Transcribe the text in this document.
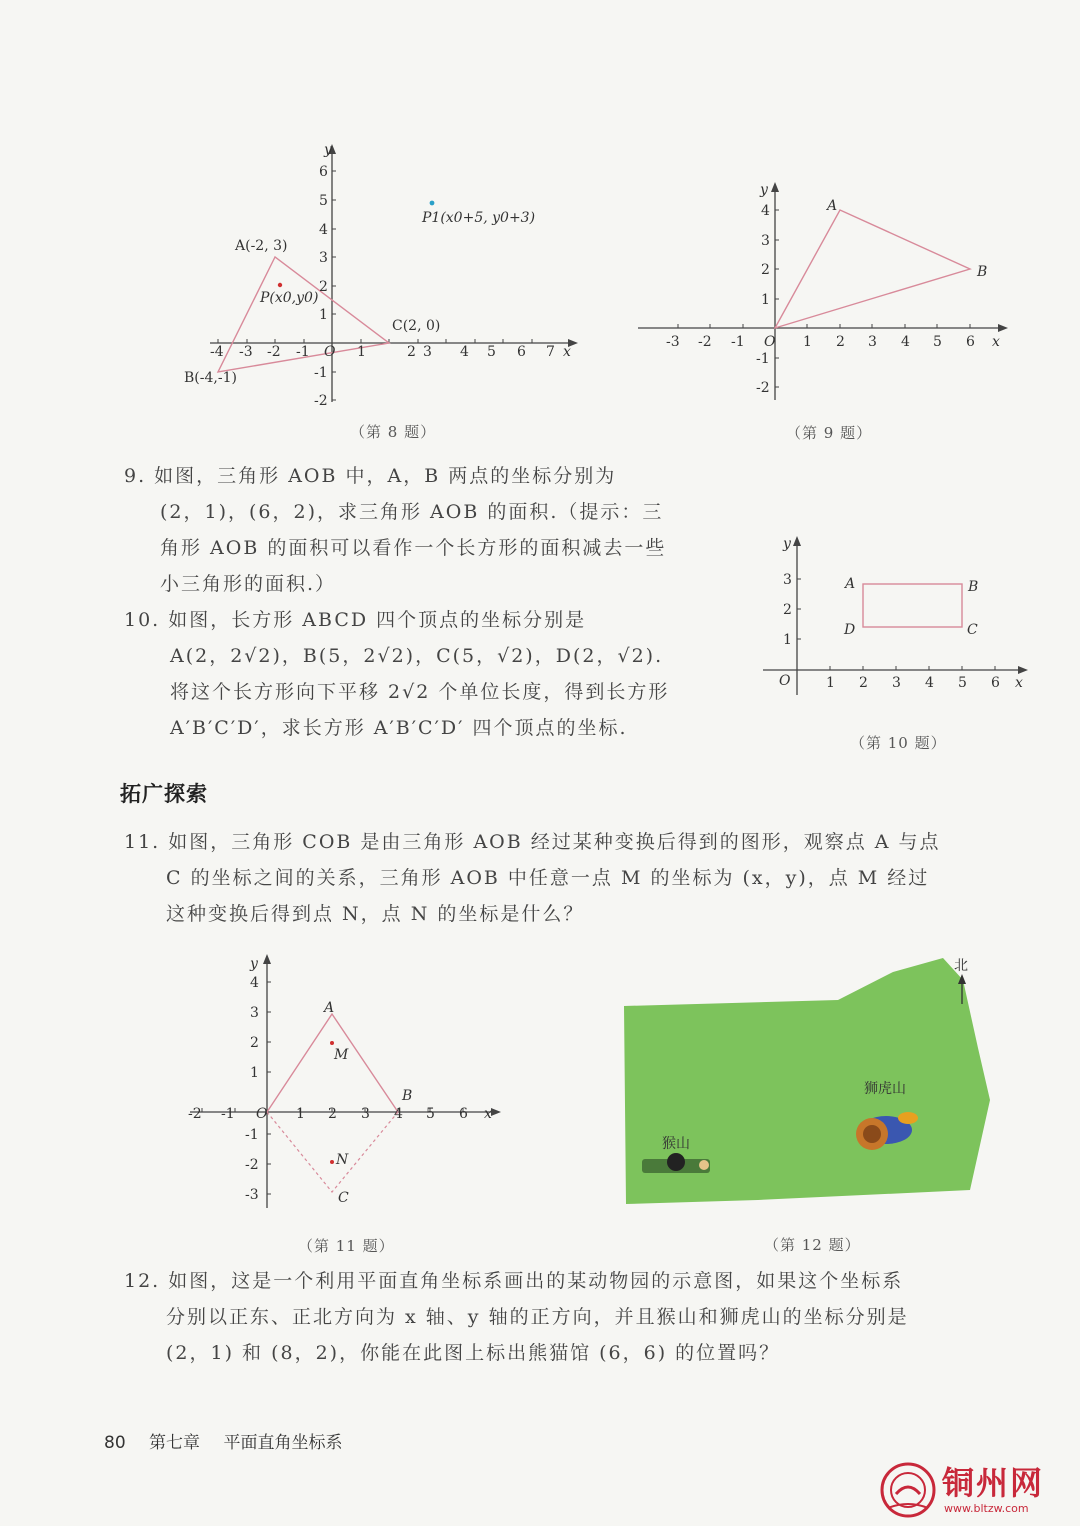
-4 -3 -2 -1	1	2 3 4 5 6 7
6
5
4
3
2
1
-1
-2
O	x
y
A(-2, 3)
B(-4,-1)
C(2, 0)
P(x0,y0)
P1(x0+5, y0+3)
（第 8 题）
-3 -2 -1	1 2 3 4 5 6
4
3
2
1
-1
-2
O	x
y
A
B
（第 9 题）

9. 如图，三角形 AOB 中，A，B 两点的坐标分别为

(2，1)，(6，2)，求三角形 AOB 的面积.（提示：三

角形 AOB 的面积可以看作一个长方形的面积减去一些

小三角形的面积.）

10. 如图，长方形 ABCD 四个顶点的坐标分别是

A(2，2√2)，B(5，2√2)，C(5，√2)，D(2，√2).

将这个长方形向下平移 2√2 个单位长度，得到长方形

A′B′C′D′，求长方形 A′B′C′D′ 四个顶点的坐标.

1 2 3 4 5 6
3
2
1
O	x
y
A	B
C
D
（第 10 题）
拓广探索

11. 如图，三角形 COB 是由三角形 AOB 经过某种变换后得到的图形，观察点 A 与点

C 的坐标之间的关系，三角形 AOB 中任意一点 M 的坐标为 (x，y)，点 M 经过

这种变换后得到点 N，点 N 的坐标是什么？

-2 -1	1 2 3 4 5 6
4
3
2
1
-1
-2
-3
O	x
y
A
B
C
M
N
（第 11 题）
北
猴山
狮虎山
（第 12 题）

12. 如图，这是一个利用平面直角坐标系画出的某动物园的示意图，如果这个坐标系

分别以正东、正北方向为 x 轴、y 轴的正方向，并且猴山和狮虎山的坐标分别是

(2，1) 和 (8，2)，你能在此图上标出熊猫馆 (6，6) 的位置吗？

80 第七章 平面直角坐标系
铜州网
www.bltzw.com
